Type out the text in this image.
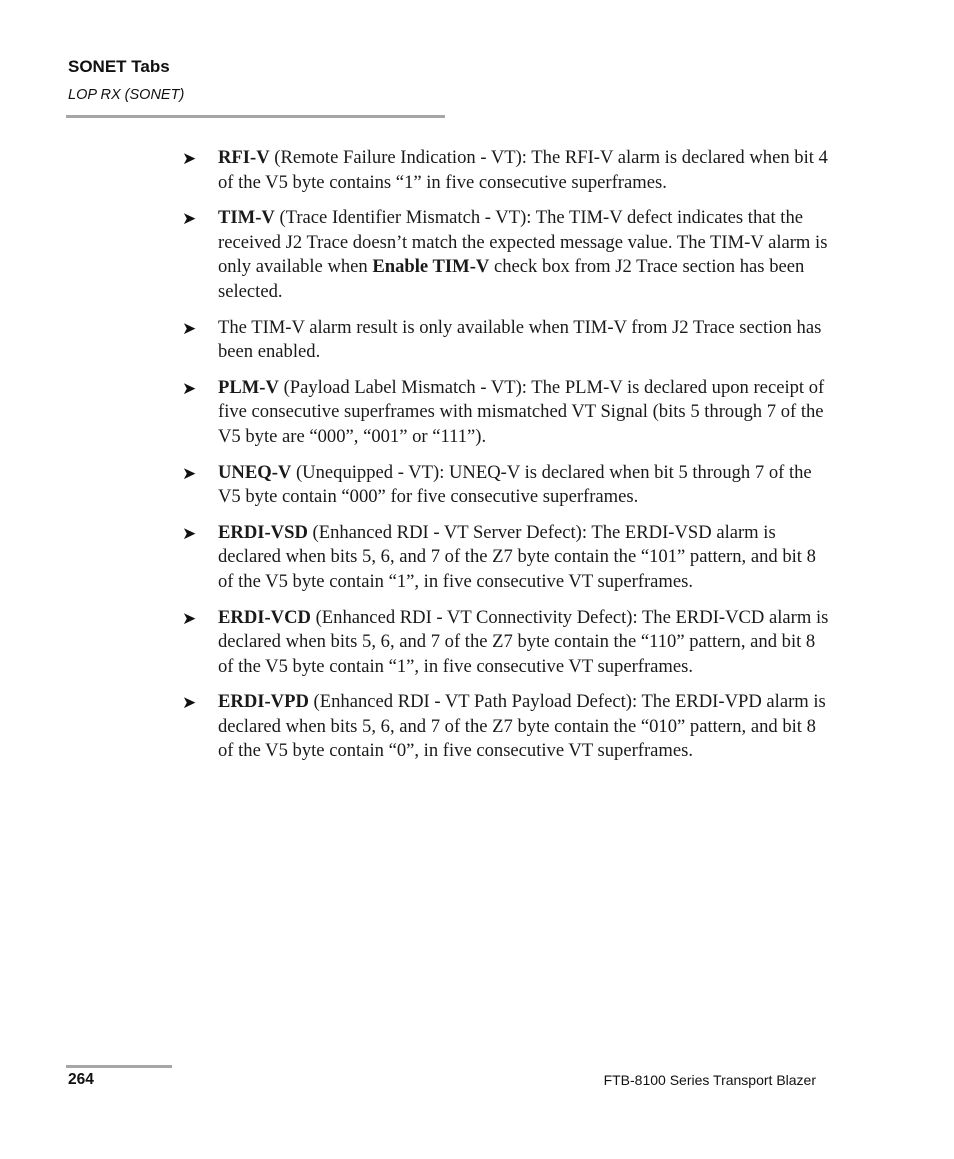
SONET Tabs
LOP RX (SONET)
➤	RFI-V (Remote Failure Indication - VT): The RFI-V alarm is declared when bit 4 of the V5 byte contains “1” in five consecutive superframes.
➤	TIM-V (Trace Identifier Mismatch - VT): The TIM-V defect indicates that the received J2 Trace doesn’t match the expected message value. The TIM-V alarm is only available when Enable TIM-V check box from J2 Trace section has been selected.
➤	The TIM-V alarm result is only available when TIM-V from J2 Trace section has been enabled.
➤	PLM-V (Payload Label Mismatch - VT): The PLM-V is declared upon receipt of five consecutive superframes with mismatched VT Signal (bits 5 through 7 of the V5 byte are “000”, “001” or “111”).
➤	UNEQ-V (Unequipped - VT): UNEQ-V is declared when bit 5 through 7 of the V5 byte contain “000” for five consecutive superframes.
➤	ERDI-VSD (Enhanced RDI - VT Server Defect): The ERDI-VSD alarm is declared when bits 5, 6, and 7 of the Z7 byte contain the “101” pattern, and bit 8 of the V5 byte contain “1”, in five consecutive VT superframes.
➤	ERDI-VCD (Enhanced RDI - VT Connectivity Defect): The ERDI-VCD alarm is declared when bits 5, 6, and 7 of the Z7 byte contain the “110” pattern, and bit 8 of the V5 byte contain “1”, in five consecutive VT superframes.
➤	ERDI-VPD (Enhanced RDI - VT Path Payload Defect): The ERDI-VPD alarm is declared when bits 5, 6, and 7 of the Z7 byte contain the “010” pattern, and bit 8 of the V5 byte contain “0”, in five consecutive VT superframes.
264	FTB-8100 Series Transport Blazer
